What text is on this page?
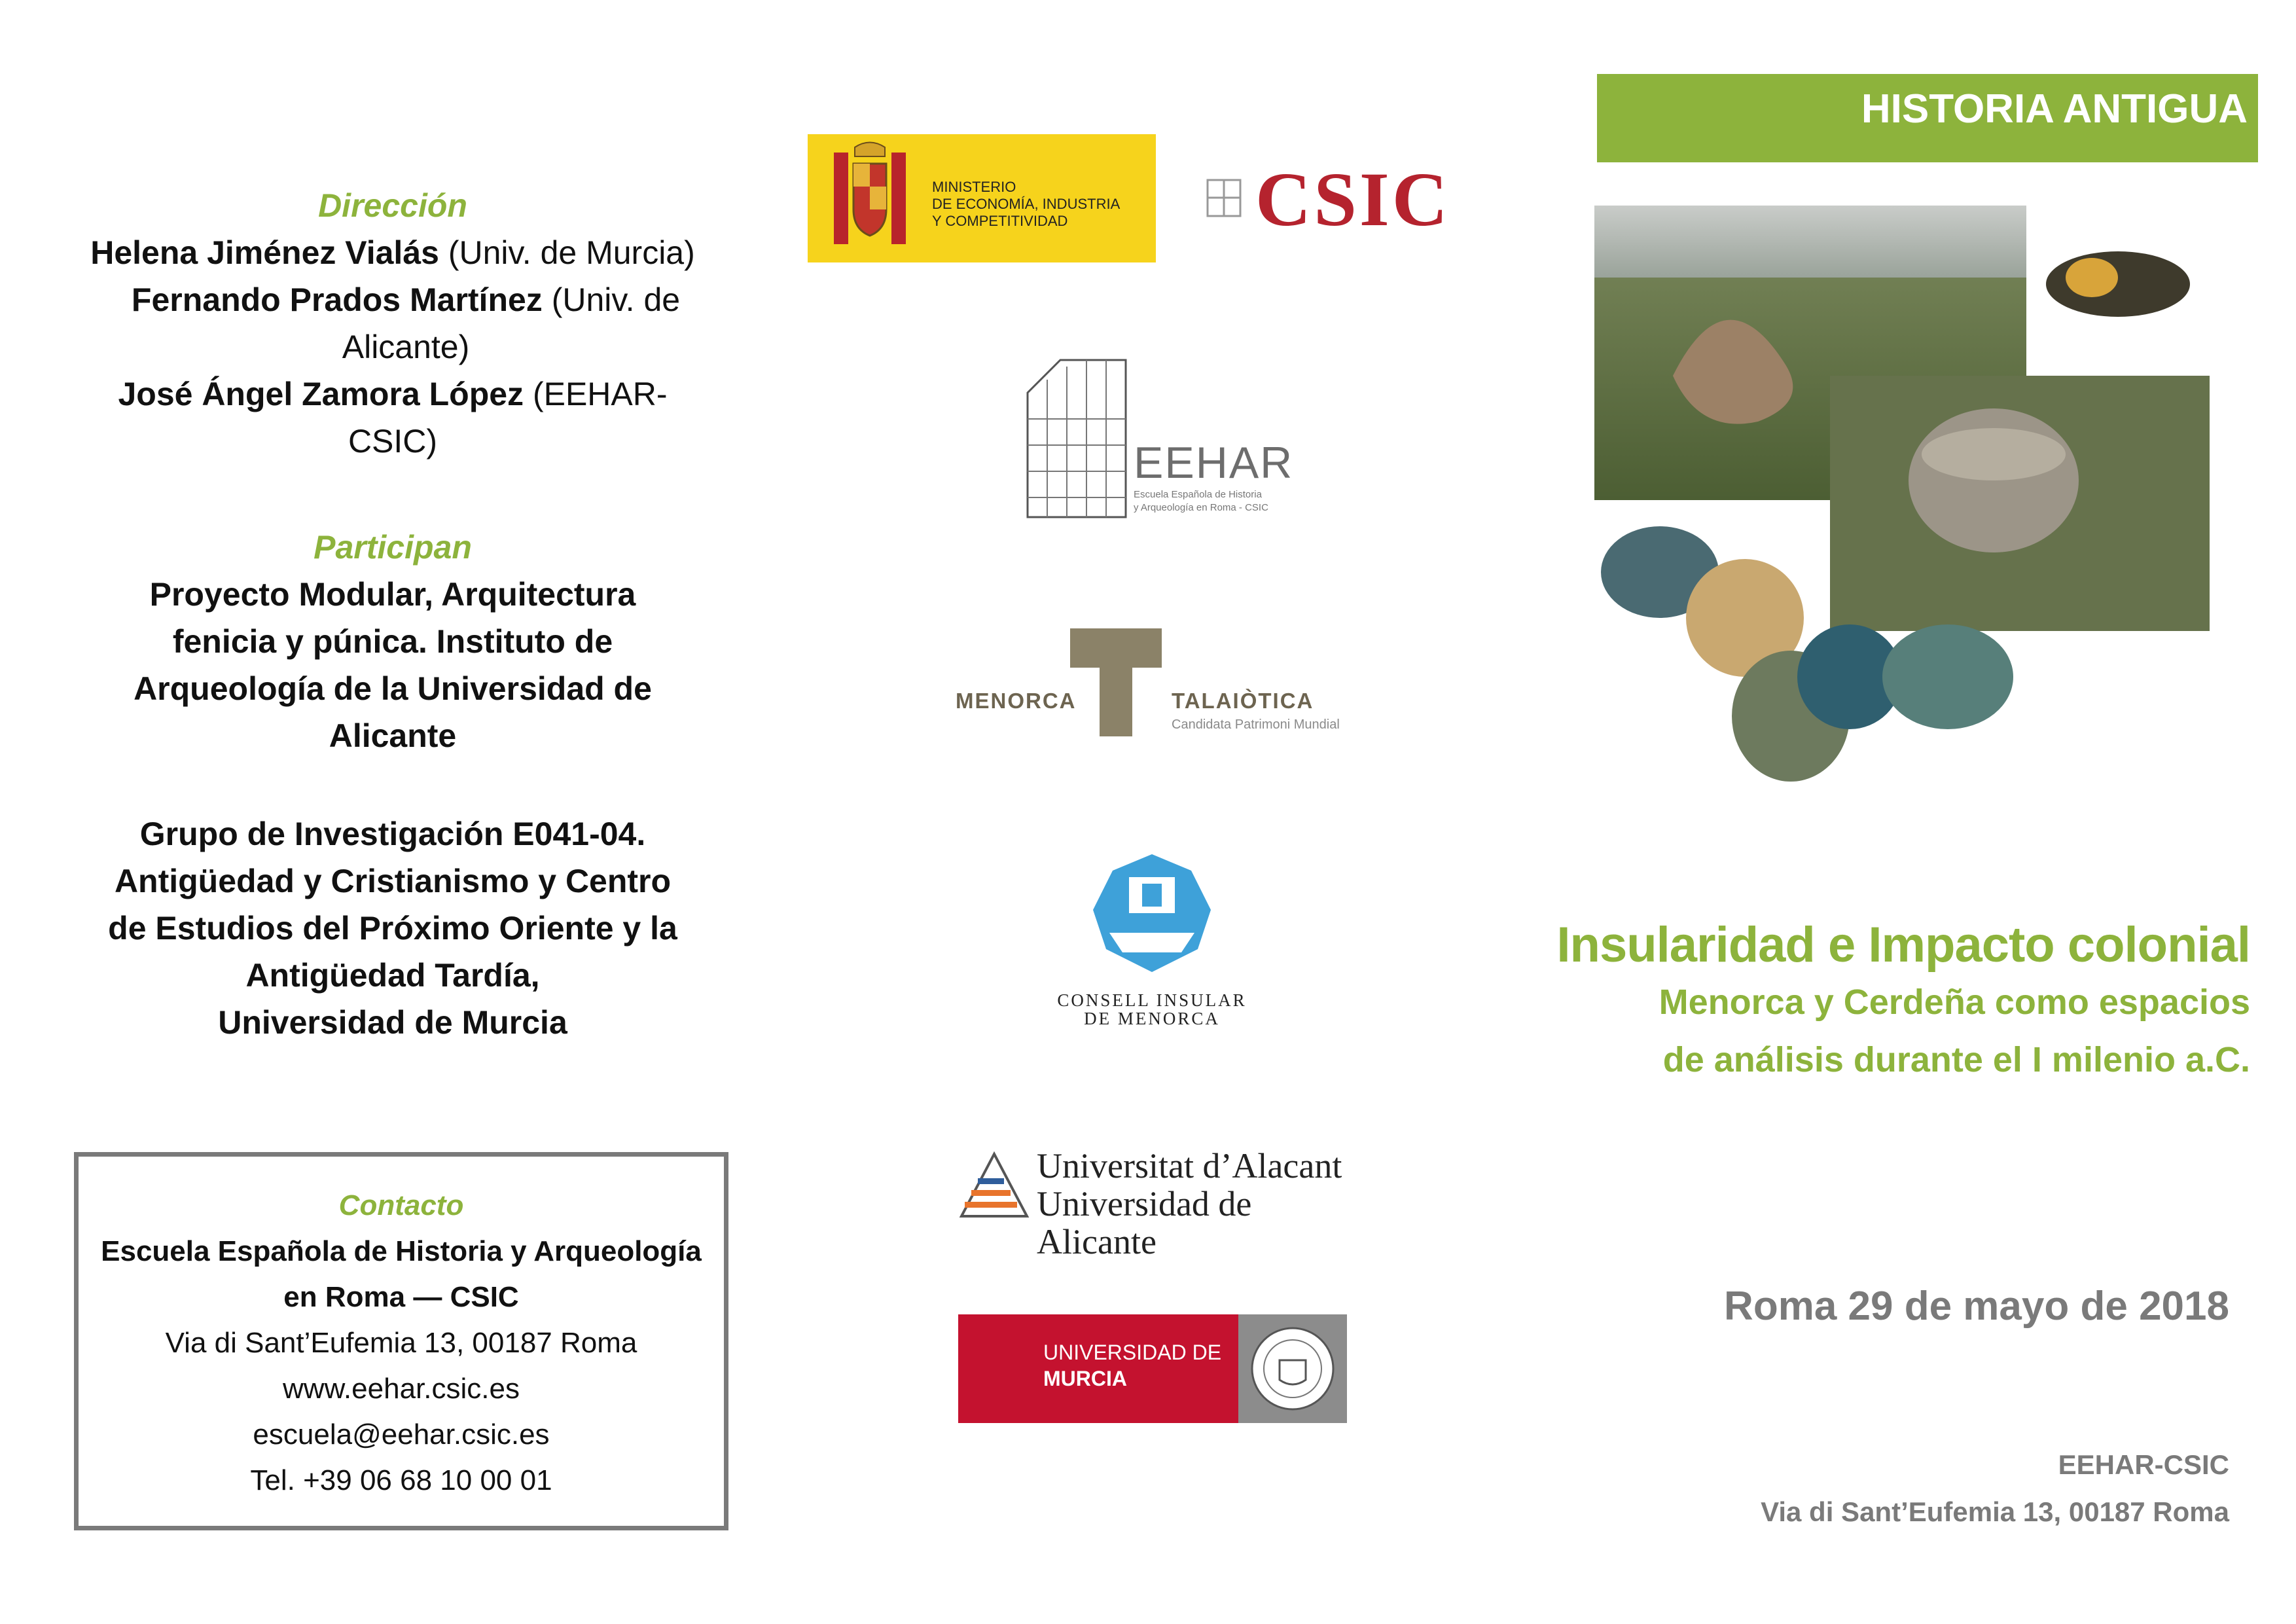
Dirección
Helena Jiménez Vialás (Univ. de Murcia)
Fernando Prados Martínez (Univ. de
Alicante)
José Ángel Zamora López (EEHAR-
CSIC)
Participan
Proyecto Modular, Arquitectura
fenicia y púnica. Instituto de
Arqueología de la Universidad de
Alicante
Grupo de Investigación E041-04.
Antigüedad y Cristianismo y Centro
de Estudios del Próximo Oriente y la
Antigüedad Tardía,
Universidad de Murcia
Contacto
Escuela Española de Historia y Arqueología
en Roma — CSIC
Via di Sant’Eufemia 13, 00187 Roma
www.eehar.csic.es
escuela@eehar.csic.es
Tel. +39 06 68 10 00 01
MINISTERIO
DE ECONOMÍA, INDUSTRIA
Y COMPETITIVIDAD	CSIC
EEHAR
Escuela Española de Historia
y Arqueología en Roma - CSIC
MENORCA	TALAIÒTICA
Candidata Patrimoni Mundial
CONSELL INSULAR
DE MENORCA
Universitat d’Alacant
Universidad de Alicante
UNIVERSIDAD DE
MURCIA
HISTORIA ANTIGUA
Insularidad e Impacto colonial
Menorca y Cerdeña como espacios
de análisis durante el I milenio a.C.
Roma 29 de mayo de 2018
EEHAR-CSIC
Via di Sant’Eufemia 13, 00187 Roma
